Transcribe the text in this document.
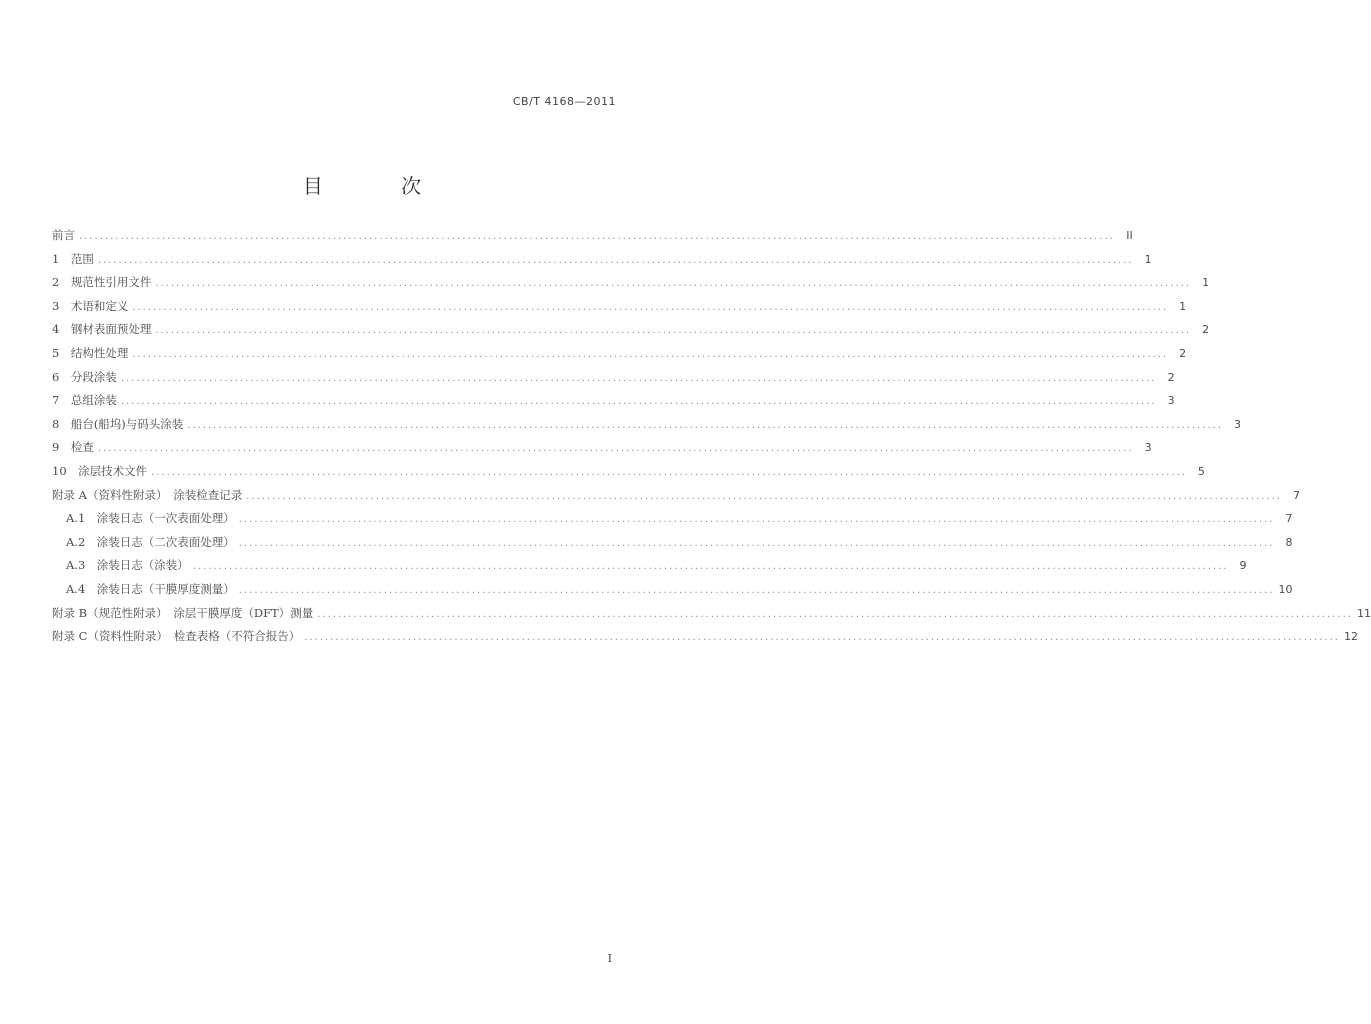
CB/T 4168—2011
目 次
前言 ........................................................................................................................................................................................................	II
1　范围 ........................................................................................................................................................................................................	1
2　规范性引用文件 ........................................................................................................................................................................................................	1
3　术语和定义 ........................................................................................................................................................................................................	1
4　钢材表面预处理 ........................................................................................................................................................................................................	2
5　结构性处理 ........................................................................................................................................................................................................	2
6　分段涂装 ........................................................................................................................................................................................................	2
7　总组涂装 ........................................................................................................................................................................................................	3
8　船台(船坞)与码头涂装 ........................................................................................................................................................................................................	3
9　检查 ........................................................................................................................................................................................................	3
10　涂层技术文件 ........................................................................................................................................................................................................	5
附录 A（资料性附录）　涂装检查记录 ........................................................................................................................................................................................................	7
A.1　涂装日志（一次表面处理） ........................................................................................................................................................................................................	7
A.2　涂装日志（二次表面处理） ........................................................................................................................................................................................................	8
A.3　涂装日志（涂装） ........................................................................................................................................................................................................	9
A.4　涂装日志（干膜厚度测量） ........................................................................................................................................................................................................ 10
附录 B（规范性附录）　涂层干膜厚度（DFT）测量 ........................................................................................................................................................................................................ 11
附录 C（资料性附录）　检查表格（不符合报告） ........................................................................................................................................................................................................ 12
I
